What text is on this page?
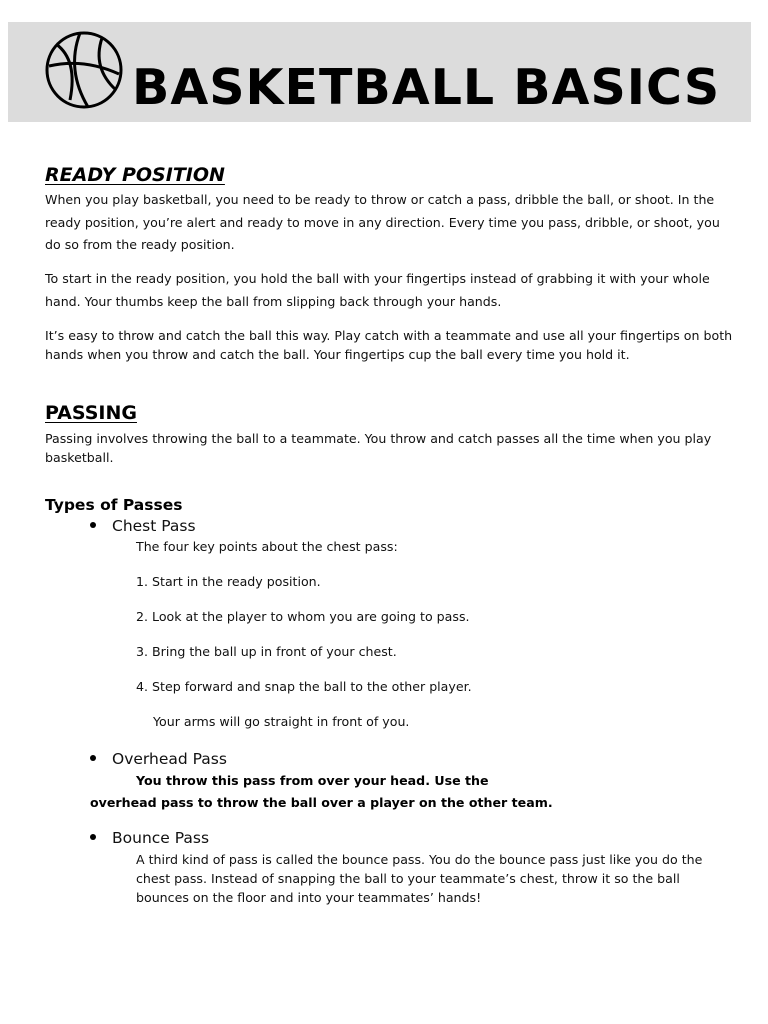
BASKETBALL BASICS
READY POSITION

When you play basketball, you need to be ready to throw or catch a pass, dribble the ball, or shoot. In the ready position, you’re alert and ready to move in any direction. Every time you pass, dribble, or shoot, you do so from the ready position.

To start in the ready position, you hold the ball with your fingertips instead of grabbing it with your whole hand. Your thumbs keep the ball from slipping back through your hands.

It’s easy to throw and catch the ball this way. Play catch with a teammate and use all your fingertips on both hands when you throw and catch the ball. Your fingertips cup the ball every time you hold it.

PASSING

Passing involves throwing the ball to a teammate. You throw and catch passes all the time when you play basketball.

Types of Passes
Chest Pass

The four key points about the chest pass:

1. Start in the ready position.

2. Look at the player to whom you are going to pass.

3. Bring the ball up in front of your chest.

4. Step forward and snap the ball to the other player.

Your arms will go straight in front of you.

Overhead Pass

You throw this pass from over your head. Use the

overhead pass to throw the ball over a player on the other team.

Bounce Pass

A third kind of pass is called the bounce pass. You do the bounce pass just like you do the chest pass. Instead of snapping the ball to your teammate’s chest, throw it so the ball bounces on the floor and into your teammates’ hands!
